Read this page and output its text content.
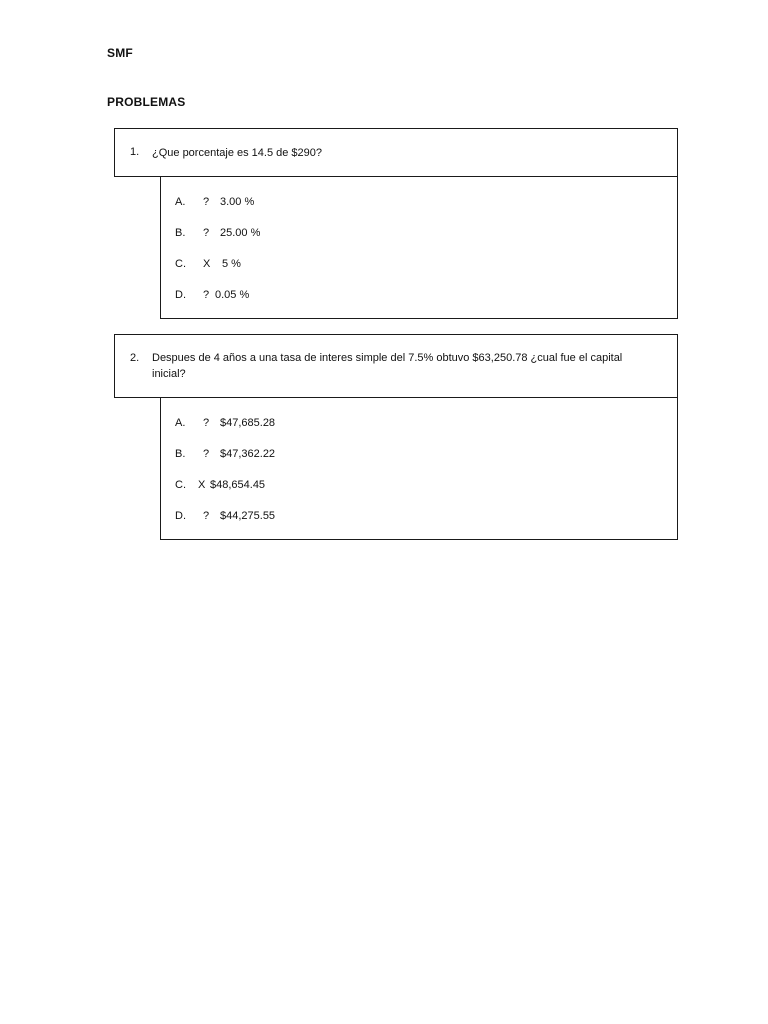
SMF
PROBLEMAS
1. ¿Que porcentaje es 14.5 de $290?
A.	? 3.00 %
B.	? 25.00 %
C.	X 5 %
D.	? 0.05 %
2. Despues de 4 años a una tasa de interes simple del 7.5% obtuvo $63,250.78 ¿cual fue el capital inicial?
A.	? $47,685.28
B.	? $47,362.22
C.	X $48,654.45
D.	? $44,275.55
